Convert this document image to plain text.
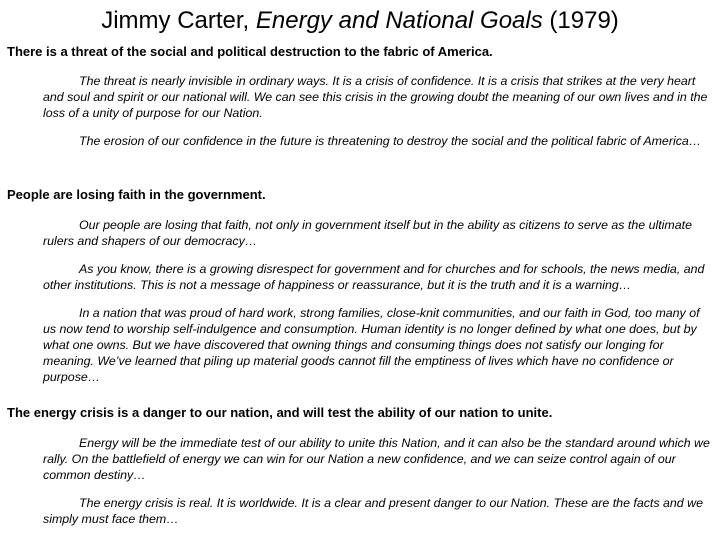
Jimmy Carter, Energy and National Goals (1979)
There is a threat of the social and political destruction to the fabric of America.

The threat is nearly invisible in ordinary ways. It is a crisis of confidence. It is a crisis that strikes at the very heart and soul and spirit or our national will. We can see this crisis in the growing doubt the meaning of our own lives and in the loss of a unity of purpose for our Nation.

The erosion of our confidence in the future is threatening to destroy the social and the political fabric of America…

People are losing faith in the government.

Our people are losing that faith, not only in government itself but in the ability as citizens to serve as the ultimate rulers and shapers of our democracy…

As you know, there is a growing disrespect for government and for churches and for schools, the news media, and other institutions. This is not a message of happiness or reassurance, but it is the truth and it is a warning…

In a nation that was proud of hard work, strong families, close-knit communities, and our faith in God, too many of us now tend to worship self-indulgence and consumption. Human identity is no longer defined by what one does, but by what one owns. But we have discovered that owning things and consuming things does not satisfy our longing for meaning. We’ve learned that piling up material goods cannot fill the emptiness of lives which have no confidence or purpose…

The energy crisis is a danger to our nation, and will test the ability of our nation to unite.

Energy will be the immediate test of our ability to unite this Nation, and it can also be the standard around which we rally. On the battlefield of energy we can win for our Nation a new confidence, and we can seize control again of our common destiny…

The energy crisis is real. It is worldwide. It is a clear and present danger to our Nation. These are the facts and we simply must face them…
